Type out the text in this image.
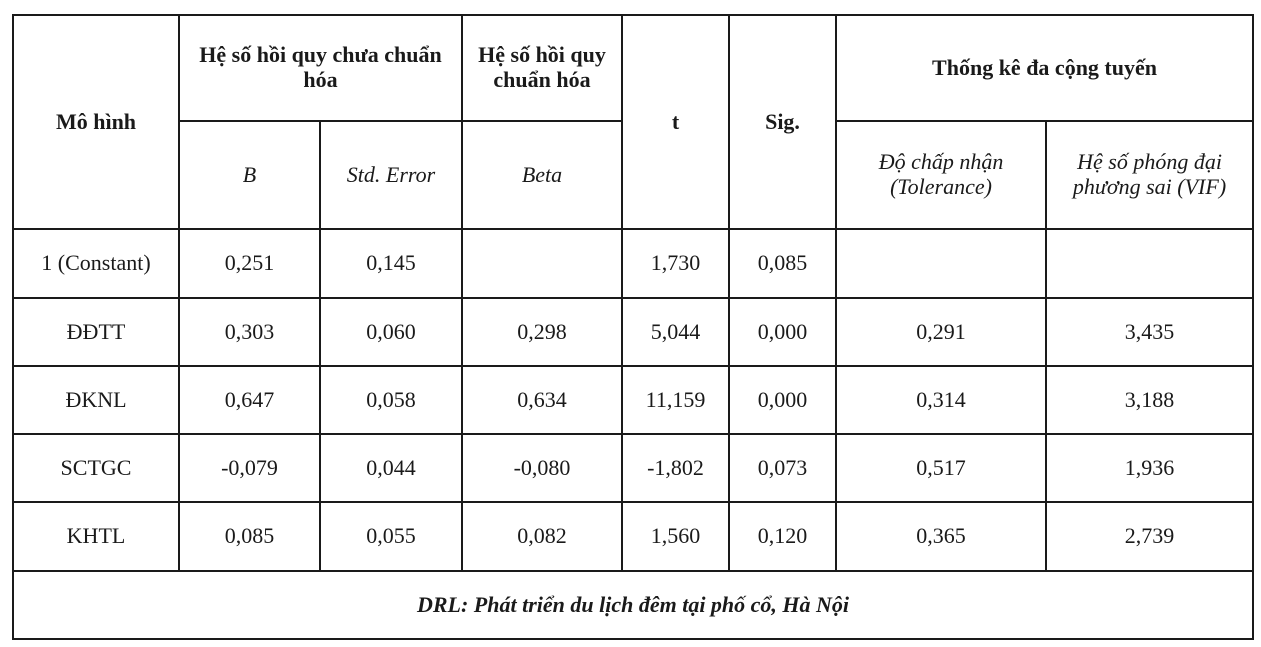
Mô hình	Hệ số hồi quy chưa chuẩn hóa		Hệ số hồi quy chuẩn hóa	t	Sig.	Thống kê đa cộng tuyến	
	B	Std. Error	Beta			Độ chấp nhận (Tolerance)	Hệ số phóng đại phương sai (VIF)
1 (Constant)	0,251	0,145		1,730	0,085		
ĐĐTT	0,303	0,060	0,298	5,044	0,000	0,291	3,435
ĐKNL	0,647	0,058	0,634	11,159	0,000	0,314	3,188
SCTGC	-0,079	0,044	-0,080	-1,802	0,073	0,517	1,936
KHTL	0,085	0,055	0,082	1,560	0,120	0,365	2,739
DRL: Phát triển du lịch đêm tại phố cổ, Hà Nội							
